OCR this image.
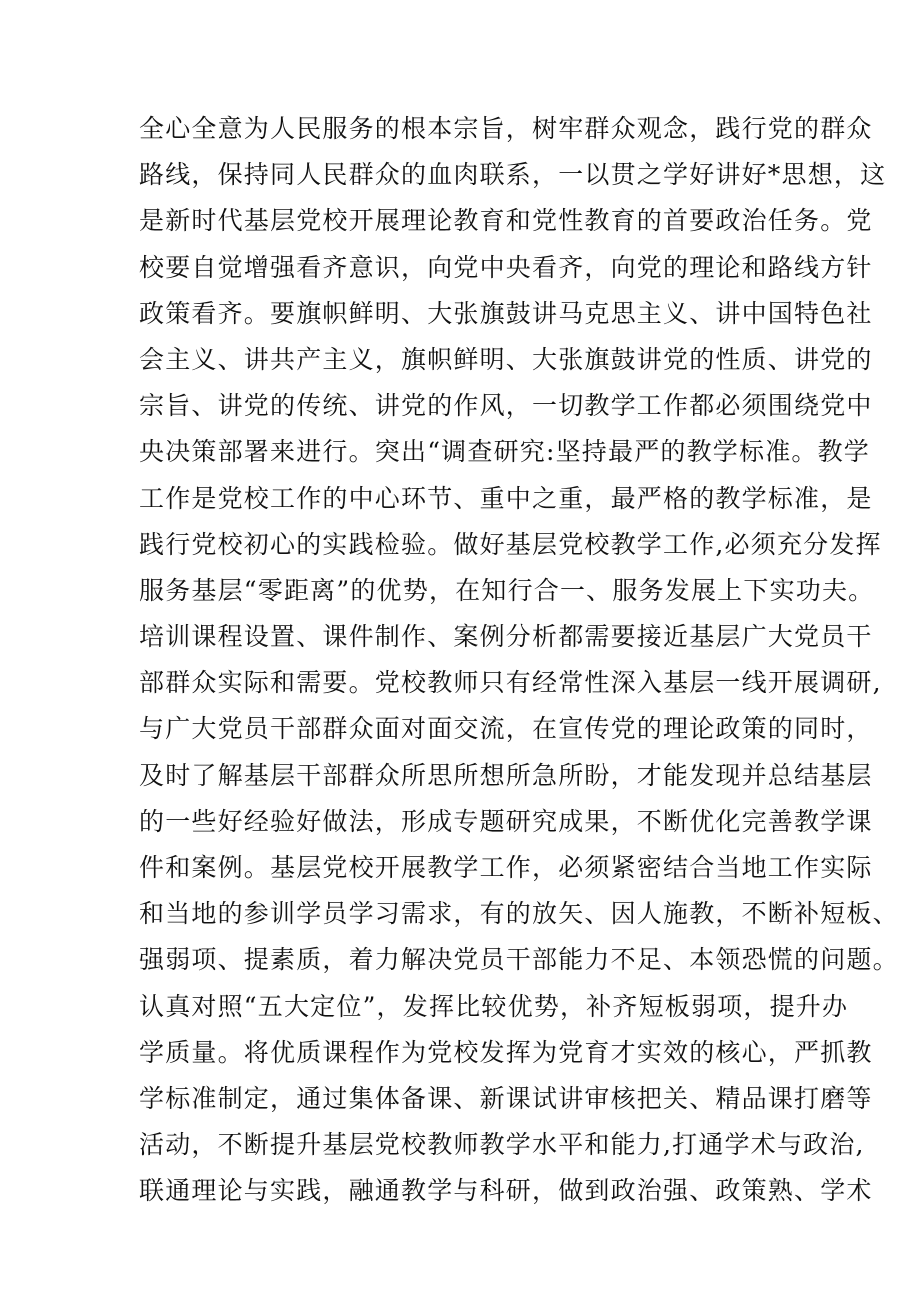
全心全意为人民服务的根本宗旨，树牢群众观念，践行党的群众
路线，保持同人民群众的血肉联系，一以贯之学好讲好*思想，这
是新时代基层党校开展理论教育和党性教育的首要政治任务。党
校要自觉增强看齐意识，向党中央看齐，向党的理论和路线方针
政策看齐。要旗帜鲜明、大张旗鼓讲马克思主义、讲中国特色社
会主义、讲共产主义，旗帜鲜明、大张旗鼓讲党的性质、讲党的
宗旨、讲党的传统、讲党的作风，一切教学工作都必须围绕党中
央决策部署来进行。突出“调查研究:坚持最严的教学标准。教学
工作是党校工作的中心环节、重中之重，最严格的教学标准，是
践行党校初心的实践检验。做好基层党校教学工作,必须充分发挥
服务基层“零距离”的优势，在知行合一、服务发展上下实功夫。
培训课程设置、课件制作、案例分析都需要接近基层广大党员干
部群众实际和需要。党校教师只有经常性深入基层一线开展调研,
与广大党员干部群众面对面交流，在宣传党的理论政策的同时，
及时了解基层干部群众所思所想所急所盼，才能发现并总结基层
的一些好经验好做法，形成专题研究成果，不断优化完善教学课
件和案例。基层党校开展教学工作，必须紧密结合当地工作实际
和当地的参训学员学习需求，有的放矢、因人施教，不断补短板、
强弱项、提素质，着力解决党员干部能力不足、本领恐慌的问题。
认真对照“五大定位”，发挥比较优势，补齐短板弱项，提升办
学质量。将优质课程作为党校发挥为党育才实效的核心，严抓教
学标准制定，通过集体备课、新课试讲审核把关、精品课打磨等
活动，不断提升基层党校教师教学水平和能力,打通学术与政治,
联通理论与实践，融通教学与科研，做到政治强、政策熟、学术
